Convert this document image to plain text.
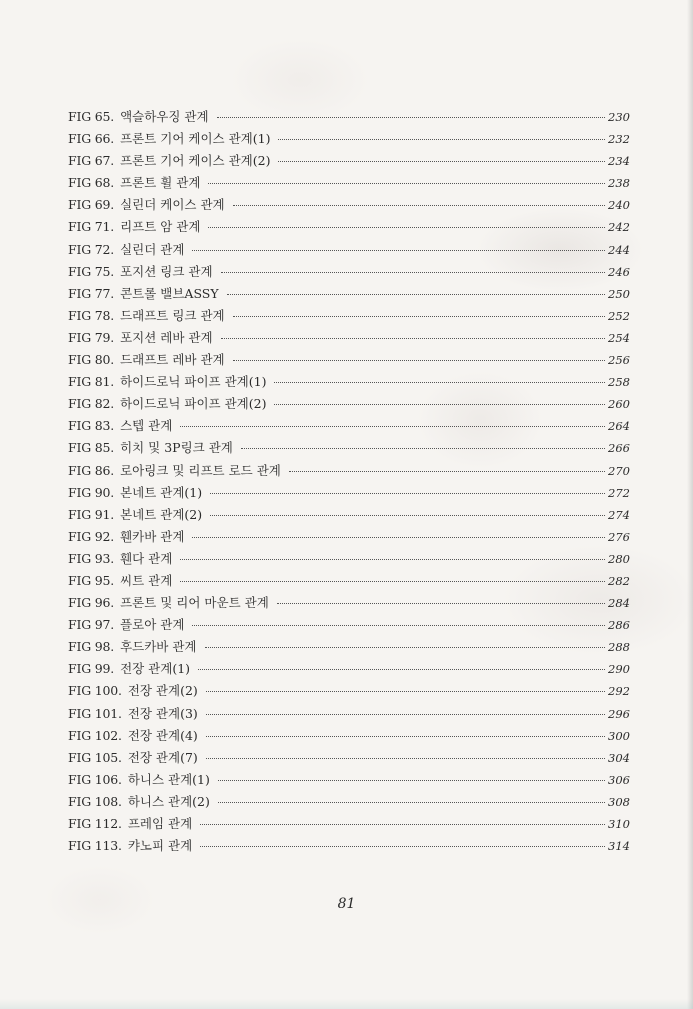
FIG 65. 액슬하우징 관계	230
FIG 66. 프론트 기어 케이스 관계(1)	232
FIG 67. 프론트 기어 케이스 관계(2)	234
FIG 68. 프론트 휠 관계	238
FIG 69. 실린더 케이스 관계	240
FIG 71. 리프트 암 관계	242
FIG 72. 실린더 관계	244
FIG 75. 포지션 링크 관계	246
FIG 77. 콘트롤 밸브ASSY	250
FIG 78. 드래프트 링크 관계	252
FIG 79. 포지션 레바 관계	254
FIG 80. 드래프트 레바 관계	256
FIG 81. 하이드로닉 파이프 관계(1)	258
FIG 82. 하이드로닉 파이프 관계(2)	260
FIG 83. 스텝 관계	264
FIG 85. 히치 및 3P링크 관계	266
FIG 86. 로아링크 및 리프트 로드 관계	270
FIG 90. 본네트 관계(1)	272
FIG 91. 본네트 관계(2)	274
FIG 92. 휀카바 관계	276
FIG 93. 휀다 관계	280
FIG 95. 씨트 관계	282
FIG 96. 프론트 및 리어 마운트 관계	284
FIG 97. 플로아 관계	286
FIG 98. 후드카바 관계	288
FIG 99. 전장 관계(1)	290
FIG 100. 전장 관계(2)	292
FIG 101. 전장 관계(3)	296
FIG 102. 전장 관계(4)	300
FIG 105. 전장 관계(7)	304
FIG 106. 하니스 관계(1)	306
FIG 108. 하니스 관계(2)	308
FIG 112. 프레임 관계	310
FIG 113. 캬노피 관계	314
81
